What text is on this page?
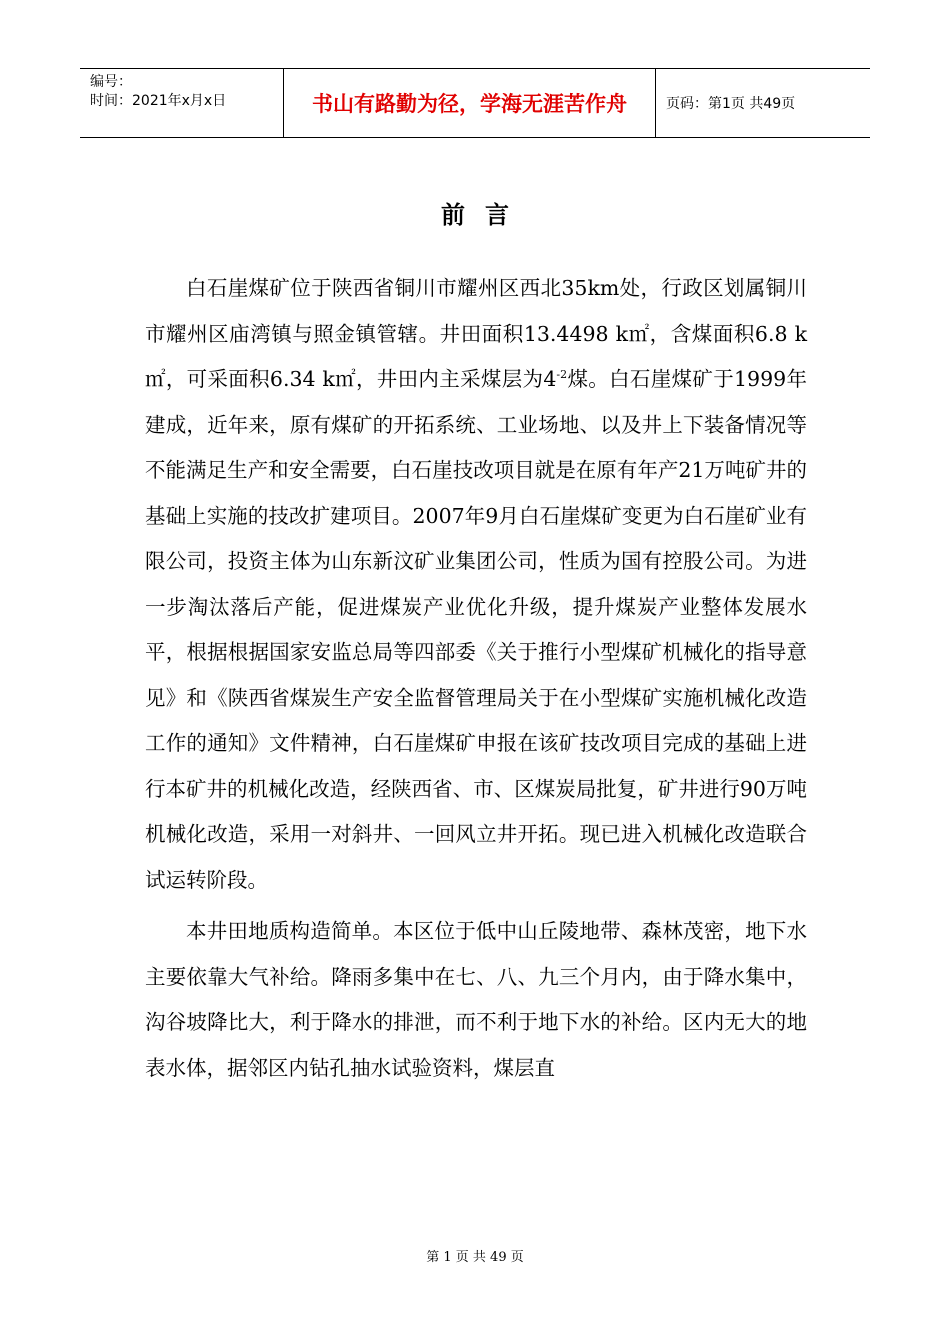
编号：
时间：2021年x月x日	书山有路勤为径，学海无涯苦作舟	页码：第1页 共49页
前言

白石崖煤矿位于陕西省铜川市耀州区西北35km处，行政区划属铜川市耀州区庙湾镇与照金镇管辖。井田面积13.4498 k㎡，含煤面积6.8 k㎡，可采面积6.34 k㎡，井田内主采煤层为$4^{-2}$煤。白石崖煤矿于1999年建成，近年来，原有煤矿的开拓系统、工业场地、以及井上下装备情况等不能满足生产和安全需要，白石崖技改项目就是在原有年产21万吨矿井的基础上实施的技改扩建项目。2007年9月白石崖煤矿变更为白石崖矿业有限公司，投资主体为山东新汶矿业集团公司，性质为国有控股公司。为进一步淘汰落后产能，促进煤炭产业优化升级，提升煤炭产业整体发展水平，根据根据国家安监总局等四部委《关于推行小型煤矿机械化的指导意见》和《陕西省煤炭生产安全监督管理局关于在小型煤矿实施机械化改造工作的通知》文件精神，白石崖煤矿申报在该矿技改项目完成的基础上进行本矿井的机械化改造，经陕西省、市、区煤炭局批复，矿井进行90万吨机械化改造，采用一对斜井、一回风立井开拓。现已进入机械化改造联合试运转阶段。

本井田地质构造简单。本区位于低中山丘陵地带、森林茂密，地下水主要依靠大气补给。降雨多集中在七、八、九三个月内，由于降水集中，沟谷坡降比大，利于降水的排泄，而不利于地下水的补给。区内无大的地表水体，据邻区内钻孔抽水试验资料，煤层直

第 1 页 共 49 页
